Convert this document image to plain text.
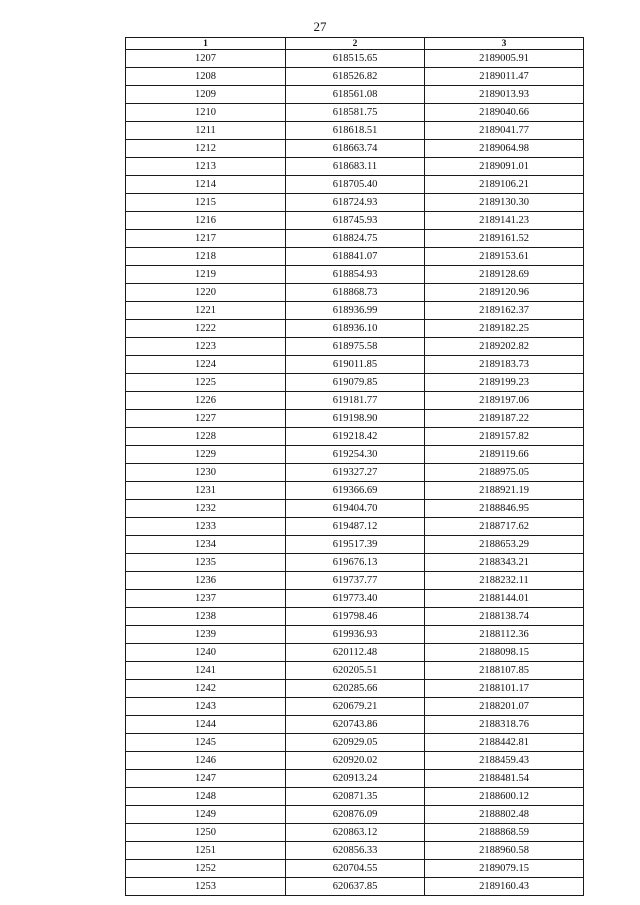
27
1	2	3
1207	618515.65	2189005.91
1208	618526.82	2189011.47
1209	618561.08	2189013.93
1210	618581.75	2189040.66
1211	618618.51	2189041.77
1212	618663.74	2189064.98
1213	618683.11	2189091.01
1214	618705.40	2189106.21
1215	618724.93	2189130.30
1216	618745.93	2189141.23
1217	618824.75	2189161.52
1218	618841.07	2189153.61
1219	618854.93	2189128.69
1220	618868.73	2189120.96
1221	618936.99	2189162.37
1222	618936.10	2189182.25
1223	618975.58	2189202.82
1224	619011.85	2189183.73
1225	619079.85	2189199.23
1226	619181.77	2189197.06
1227	619198.90	2189187.22
1228	619218.42	2189157.82
1229	619254.30	2189119.66
1230	619327.27	2188975.05
1231	619366.69	2188921.19
1232	619404.70	2188846.95
1233	619487.12	2188717.62
1234	619517.39	2188653.29
1235	619676.13	2188343.21
1236	619737.77	2188232.11
1237	619773.40	2188144.01
1238	619798.46	2188138.74
1239	619936.93	2188112.36
1240	620112.48	2188098.15
1241	620205.51	2188107.85
1242	620285.66	2188101.17
1243	620679.21	2188201.07
1244	620743.86	2188318.76
1245	620929.05	2188442.81
1246	620920.02	2188459.43
1247	620913.24	2188481.54
1248	620871.35	2188600.12
1249	620876.09	2188802.48
1250	620863.12	2188868.59
1251	620856.33	2188960.58
1252	620704.55	2189079.15
1253	620637.85	2189160.43
